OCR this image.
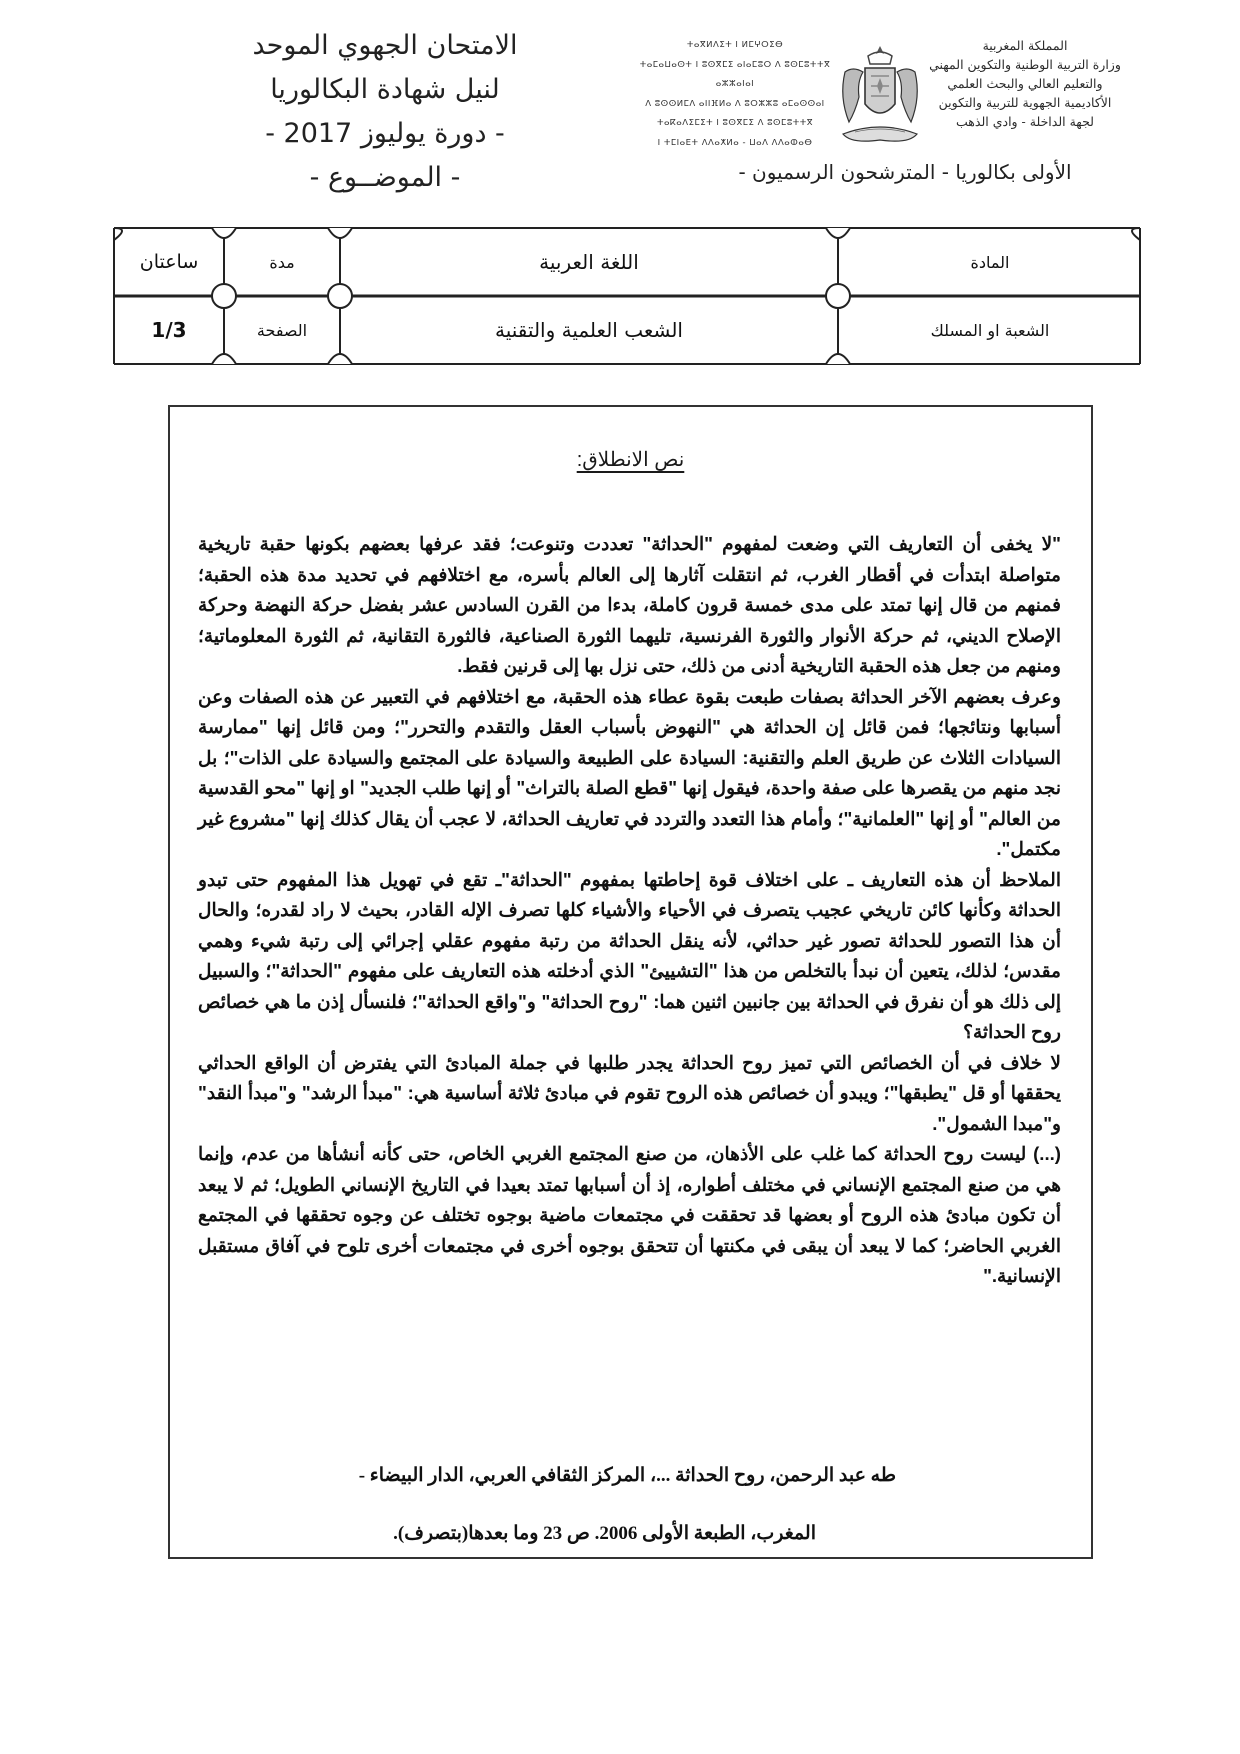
المملكة المغربية
وزارة التربية الوطنية والتكوين المهني
والتعليم العالي والبحث العلمي
الأكاديمية الجهوية للتربية والتكوين
لجهة الداخلة - وادي الذهب
ⵜⴰⴳⵍⴷⵉⵜ ⵏ ⵍⵎⵖⵔⵉⴱ
ⵜⴰⵎⴰⵡⴰⵙⵜ ⵏ ⵓⵙⴳⵎⵉ ⴰⵏⴰⵎⵓⵔ ⴷ ⵓⵙⵎⵓⵜⵜⴳ ⴰⵣⵣⴰⵏⴰⵏ
ⴷ ⵓⵙⵙⵍⵎⴷ ⴰⵏⵏⴼⵍⴰ ⴷ ⵓⵔⵣⵣⵓ ⴰⵎⴰⵙⵙⴰⵏ
ⵜⴰⴽⴰⴷⵉⵎⵉⵜ ⵏ ⵓⵙⴳⵎⵉ ⴷ ⵓⵙⵎⵓⵜⵜⴳ
ⵏ ⵜⵎⵏⴰⴹⵜ ⴷⴷⴰⵅⵍⴰ - ⵡⴰⴷ ⴷⴷⴰⵀⴰⴱ
الامتحان الجهوي الموحد
لنيل شهادة البكالوريا
- دورة يوليوز 2017 -
- الموضــوع -	الأولى بكالوريا - المترشحون الرسميون -
المادة
اللغة العربية
مدة
ساعتان
الشعبة او المسلك
الشعب العلمية والتقنية
الصفحة
1/3
نص الانطلاق:

"لا يخفى أن التعاريف التي وضعت لمفهوم "الحداثة" تعددت وتنوعت؛ فقد عرفها بعضهم بكونها حقبة تاريخية متواصلة ابتدأت في أقطار الغرب، ثم انتقلت آثارها إلى العالم بأسره، مع اختلافهم في تحديد مدة هذه الحقبة؛ فمنهم من قال إنها تمتد على مدى خمسة قرون كاملة، بدءا من القرن السادس عشر بفضل حركة النهضة وحركة الإصلاح الديني، ثم حركة الأنوار والثورة الفرنسية، تليهما الثورة الصناعية، فالثورة التقانية، ثم الثورة المعلوماتية؛ ومنهم من جعل هذه الحقبة التاريخية أدنى من ذلك، حتى نزل بها إلى قرنين فقط.

وعرف بعضهم الآخر الحداثة بصفات طبعت بقوة عطاء هذه الحقبة، مع اختلافهم في التعبير عن هذه الصفات وعن أسبابها ونتائجها؛ فمن قائل إن الحداثة هي "النهوض بأسباب العقل والتقدم والتحرر"؛ ومن قائل إنها "ممارسة السيادات الثلاث عن طريق العلم والتقنية: السيادة على الطبيعة والسيادة على المجتمع والسيادة على الذات"؛ بل نجد منهم من يقصرها على صفة واحدة، فيقول إنها "قطع الصلة بالتراث" أو إنها طلب الجديد" او إنها "محو القدسية من العالم" أو إنها "العلمانية"؛ وأمام هذا التعدد والتردد في تعاريف الحداثة، لا عجب أن يقال كذلك إنها "مشروع غير مكتمل".

الملاحظ أن هذه التعاريف ـ على اختلاف قوة إحاطتها بمفهوم "الحداثة"ـ تقع في تهويل هذا المفهوم حتى تبدو الحداثة وكأنها كائن تاريخي عجيب يتصرف في الأحياء والأشياء كلها تصرف الإله القادر، بحيث لا راد لقدره؛ والحال أن هذا التصور للحداثة تصور غير حداثي، لأنه ينقل الحداثة من رتبة مفهوم عقلي إجرائي إلى رتبة شيء وهمي مقدس؛ لذلك، يتعين أن نبدأ بالتخلص من هذا "التشييئ" الذي أدخلته هذه التعاريف على مفهوم "الحداثة"؛ والسبيل إلى ذلك هو أن نفرق في الحداثة بين جانبين اثنين هما: "روح الحداثة" و"واقع الحداثة"؛ فلنسأل إذن ما هي خصائص روح الحداثة؟

لا خلاف في أن الخصائص التي تميز روح الحداثة يجدر طلبها في جملة المبادئ التي يفترض أن الواقع الحداثي يحققها أو قل "يطبقها"؛ ويبدو أن خصائص هذه الروح تقوم في مبادئ ثلاثة أساسية هي: "مبدأ الرشد" و"مبدأ النقد" و"مبدا الشمول".

(...) ليست روح الحداثة كما غلب على الأذهان، من صنع المجتمع الغربي الخاص، حتى كأنه أنشأها من عدم، وإنما هي من صنع المجتمع الإنساني في مختلف أطواره، إذ أن أسبابها تمتد بعيدا في التاريخ الإنساني الطويل؛ ثم لا يبعد أن تكون مبادئ هذه الروح أو بعضها قد تحققت في مجتمعات ماضية بوجوه تختلف عن وجوه تحققها في المجتمع الغربي الحاضر؛ كما لا يبعد أن يبقى في مكنتها أن تتحقق بوجوه أخرى في مجتمعات أخرى تلوح في آفاق مستقبل الإنسانية."

طه عبد الرحمن، روح الحداثة ...، المركز الثقافي العربي، الدار البيضاء -
المغرب، الطبعة الأولى 2006. ص 23 وما بعدها(بتصرف).
